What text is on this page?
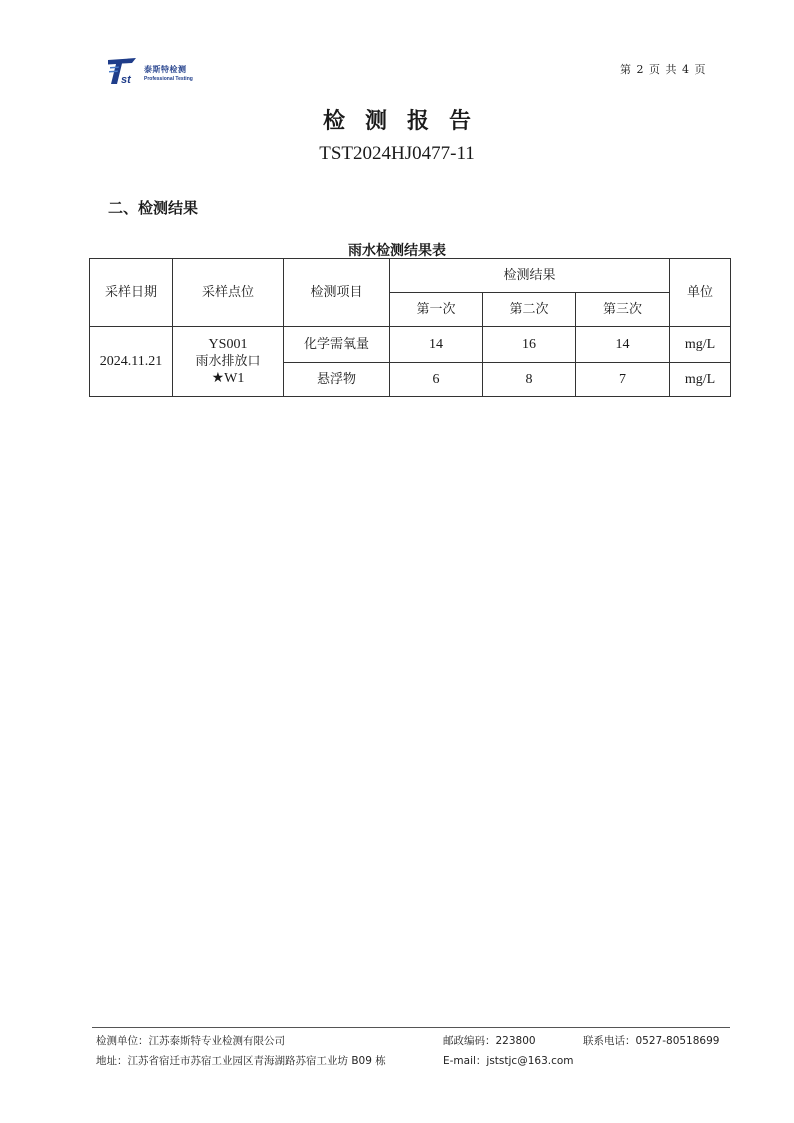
st
泰斯特检测
Professional Testing
第 2 页 共 4 页
检测报告
TST2024HJ0477-11
二、检测结果
雨水检测结果表
采样日期	采样点位	检测项目	检测结果			单位
			第一次	第二次	第三次	
2024.11.21	YS001
雨水排放口
★W1	化学需氧量	14	16	14	mg/L
		悬浮物	6	8	7	mg/L
检测单位：江苏泰斯特专业检测有限公司	邮政编码：223800	联系电话：0527-80518699
地址：江苏省宿迁市苏宿工业园区青海湖路苏宿工业坊 B09 栋	E-mail：jststjc@163.com
